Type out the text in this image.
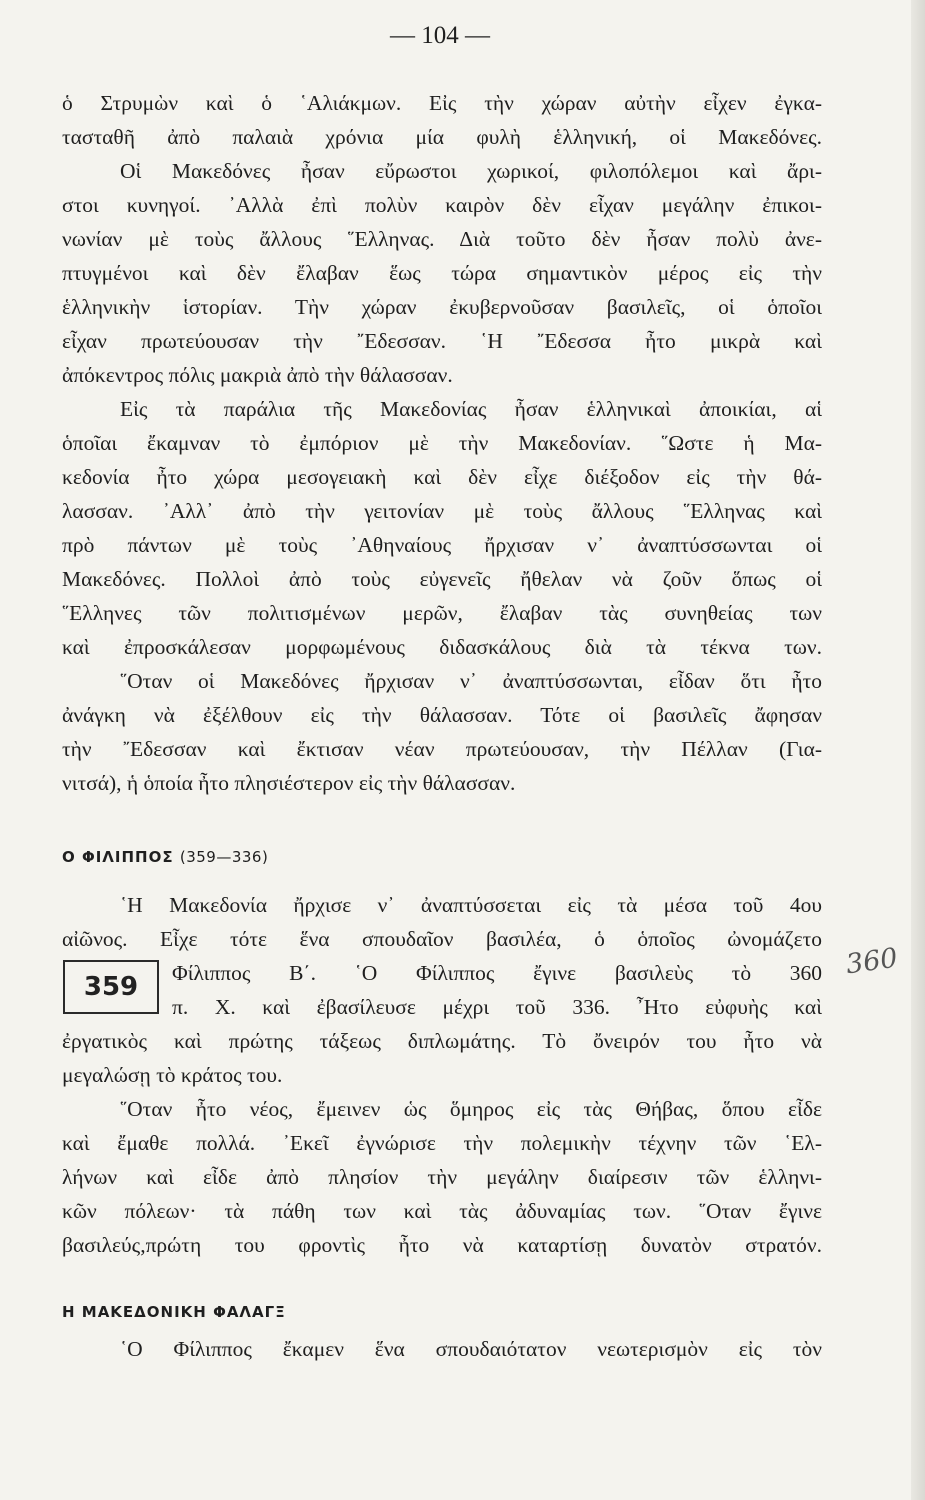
— 104 —
ὁ Στρυμὼν καὶ ὁ ῾Αλιάκμων. Εἰς τὴν χώραν αὐτὴν εἶχεν ἐγκα-
τασταθῆ ἀπὸ παλαιὰ χρόνια μία φυλὴ ἑλληνική, οἱ Μακεδόνες.
Οἱ Μακεδόνες ἦσαν εὔρωστοι χωρικοί, φιλοπόλεμοι καὶ ἄρι-
στοι κυνηγοί. ᾿Αλλὰ ἐπὶ πολὺν καιρὸν δὲν εἶχαν μεγάλην ἐπικοι-
νωνίαν μὲ τοὺς ἄλλους ῞Ελληνας. Διὰ τοῦτο δὲν ἦσαν πολὺ ἀνε-
πτυγμένοι καὶ δὲν ἔλαβαν ἕως τώρα σημαντικὸν μέρος εἰς τὴν
ἑλληνικὴν ἱστορίαν. Τὴν χώραν ἐκυβερνοῦσαν βασιλεῖς, οἱ ὁποῖοι
εἶχαν πρωτεύουσαν τὴν ῎Εδεσσαν. ῾Η ῎Εδεσσα ἦτο μικρὰ καὶ
ἀπόκεντρος πόλις μακριὰ ἀπὸ τὴν θάλασσαν.
Εἰς τὰ παράλια τῆς Μακεδονίας ἦσαν ἑλληνικαὶ ἀποικίαι, αἱ
ὁποῖαι ἔκαμναν τὸ ἐμπόριον μὲ τὴν Μακεδονίαν. ῞Ωστε ἡ Μα-
κεδονία ἦτο χώρα μεσογειακὴ καὶ δὲν εἶχε διέξοδον εἰς τὴν θά-
λασσαν. ᾿Αλλ᾿ ἀπὸ τὴν γειτονίαν μὲ τοὺς ἄλλους ῞Ελληνας καὶ
πρὸ πάντων μὲ τοὺς ᾿Αθηναίους ἤρχισαν ν᾿ ἀναπτύσσωνται οἱ
Μακεδόνες. Πολλοὶ ἀπὸ τοὺς εὐγενεῖς ἤθελαν νὰ ζοῦν ὅπως οἱ
῞Ελληνες τῶν πολιτισμένων μερῶν, ἔλαβαν τὰς συνηθείας των
καὶ ἐπροσκάλεσαν μορφωμένους διδασκάλους διὰ τὰ τέκνα των.
῞Οταν οἱ Μακεδόνες ἤρχισαν ν᾿ ἀναπτύσσωνται, εἶδαν ὅτι ἦτο
ἀνάγκη νὰ ἐξέλθουν εἰς τὴν θάλασσαν. Τότε οἱ βασιλεῖς ἄφησαν
τὴν ῎Εδεσσαν καὶ ἔκτισαν νέαν πρωτεύουσαν, τὴν Πέλλαν (Για-
νιτσά), ἡ ὁποία ἦτο πλησιέστερον εἰς τὴν θάλασσαν.
Ο ΦΙΛΙΠΠΟΣ (359—336)
῾Η Μακεδονία ἤρχισε ν᾿ ἀναπτύσσεται εἰς τὰ μέσα τοῦ 4ου
αἰῶνος. Εἶχε τότε ἕνα σπουδαῖον βασιλέα, ὁ ὁποῖος ὠνομάζετο
Φίλιππος Β΄. ῾Ο Φίλιππος ἔγινε βασιλεὺς τὸ 360
π. Χ. καὶ ἐβασίλευσε μέχρι τοῦ 336. ῏Ητο εὐφυὴς καὶ
ἐργατικὸς καὶ πρώτης τάξεως διπλωμάτης. Τὸ ὄνειρόν του ἦτο νὰ
μεγαλώσῃ τὸ κράτος του.
359
360
῞Οταν ἦτο νέος, ἔμεινεν ὡς ὅμηρος εἰς τὰς Θήβας, ὅπου εἶδε
καὶ ἔμαθε πολλά. ᾿Εκεῖ ἐγνώρισε τὴν πολεμικὴν τέχνην τῶν ῾Ελ-
λήνων καὶ εἶδε ἀπὸ πλησίον τὴν μεγάλην διαίρεσιν τῶν ἑλληνι-
κῶν πόλεων· τὰ πάθη των καὶ τὰς ἀδυναμίας των. ῞Οταν ἔγινε
βασιλεύς,πρώτη του φροντὶς ἦτο νὰ καταρτίσῃ δυνατὸν στρατόν.
Η ΜΑΚΕΔΟΝΙΚΗ ΦΑΛΑΓΞ
῾Ο Φίλιππος ἔκαμεν ἕνα σπουδαιότατον νεωτερισμὸν εἰς τὸν
